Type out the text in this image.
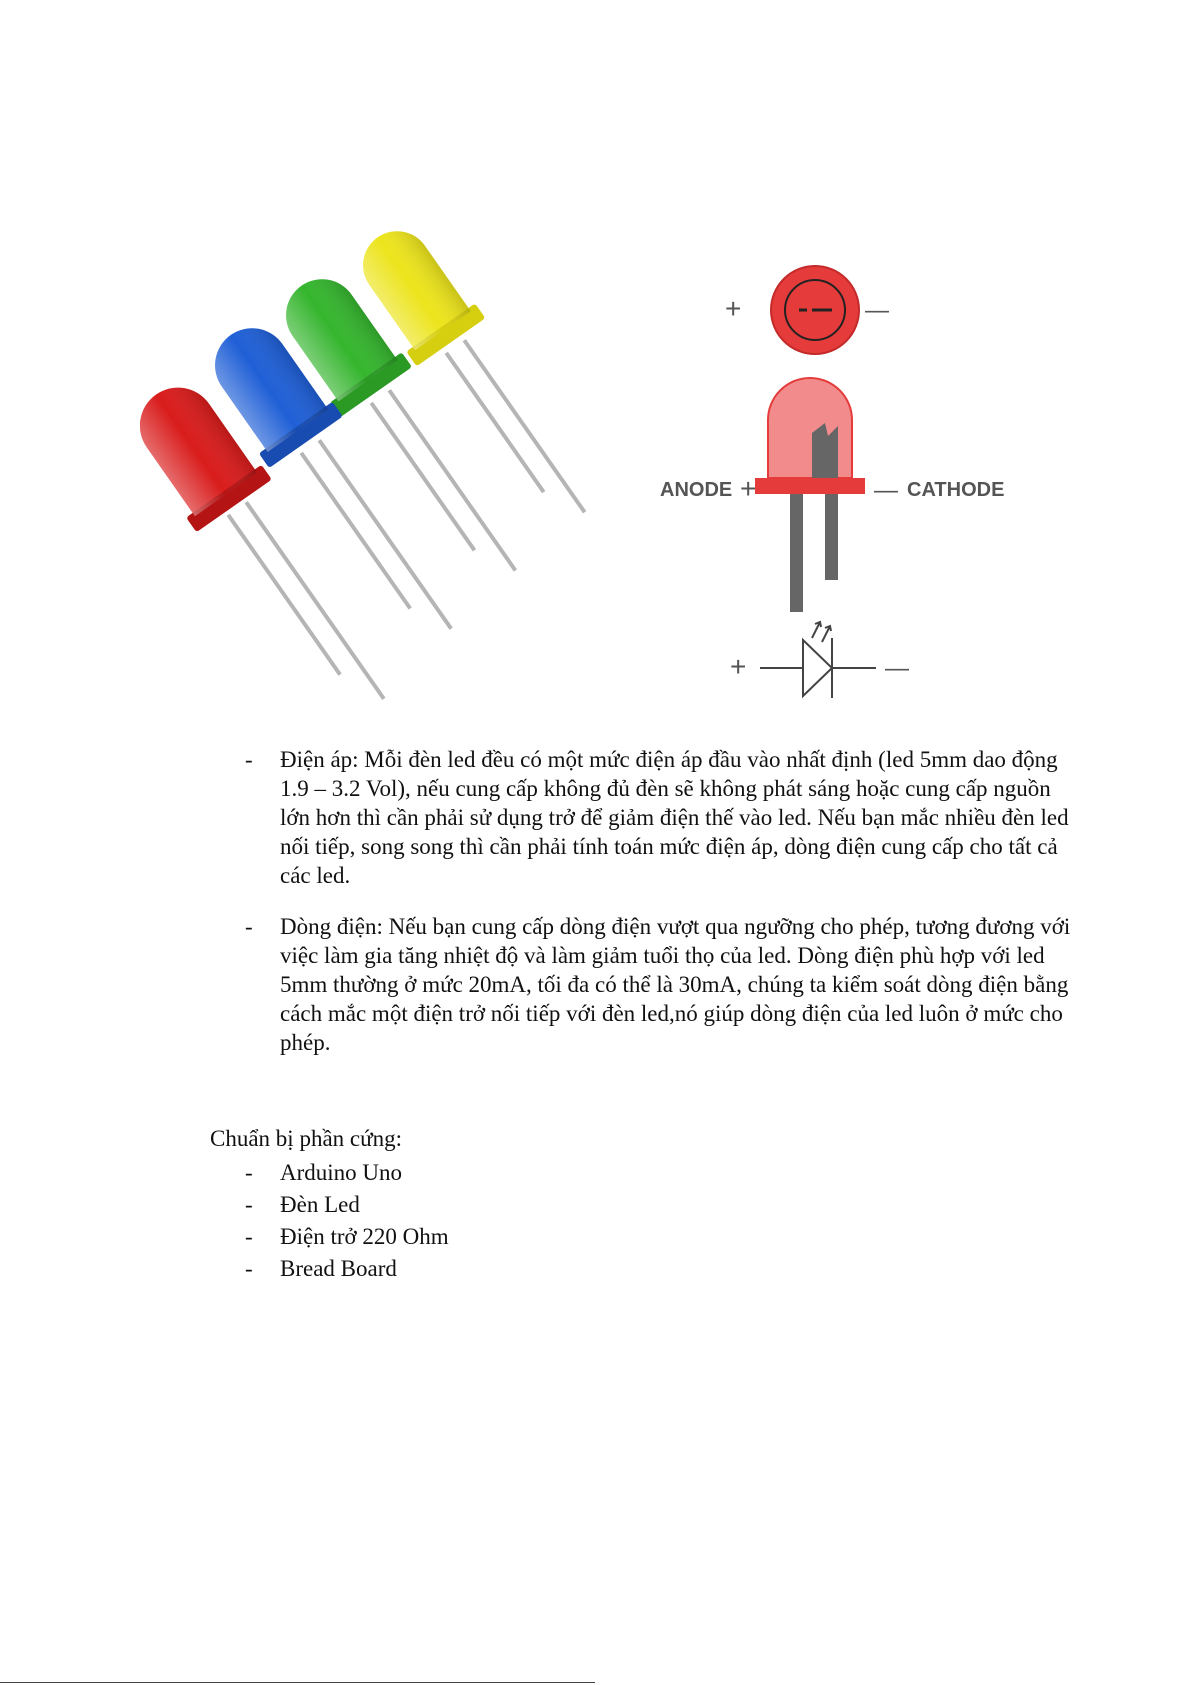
+	—
ANODE +	— CATHODE
+	—
- Điện áp: Mỗi đèn led đều có một mức điện áp đầu vào nhất định (led 5mm dao động 1.9 – 3.2 Vol), nếu cung cấp không đủ đèn sẽ không phát sáng hoặc cung cấp nguồn lớn hơn thì cần phải sử dụng trở để giảm điện thế vào led. Nếu bạn mắc nhiều đèn led nối tiếp, song song thì cần phải tính toán mức điện áp, dòng điện cung cấp cho tất cả các led.
- Dòng điện: Nếu bạn cung cấp dòng điện vượt qua ngưỡng cho phép, tương đương với việc làm gia tăng nhiệt độ và làm giảm tuổi thọ của led. Dòng điện phù hợp với led 5mm thường ở mức 20mA, tối đa có thể là 30mA, chúng ta kiểm soát dòng điện bằng cách mắc một điện trở nối tiếp với đèn led,nó giúp dòng điện của led luôn ở mức cho phép.
Chuẩn bị phần cứng:
- Arduino Uno
- Đèn Led
- Điện trở 220 Ohm
- Bread Board
